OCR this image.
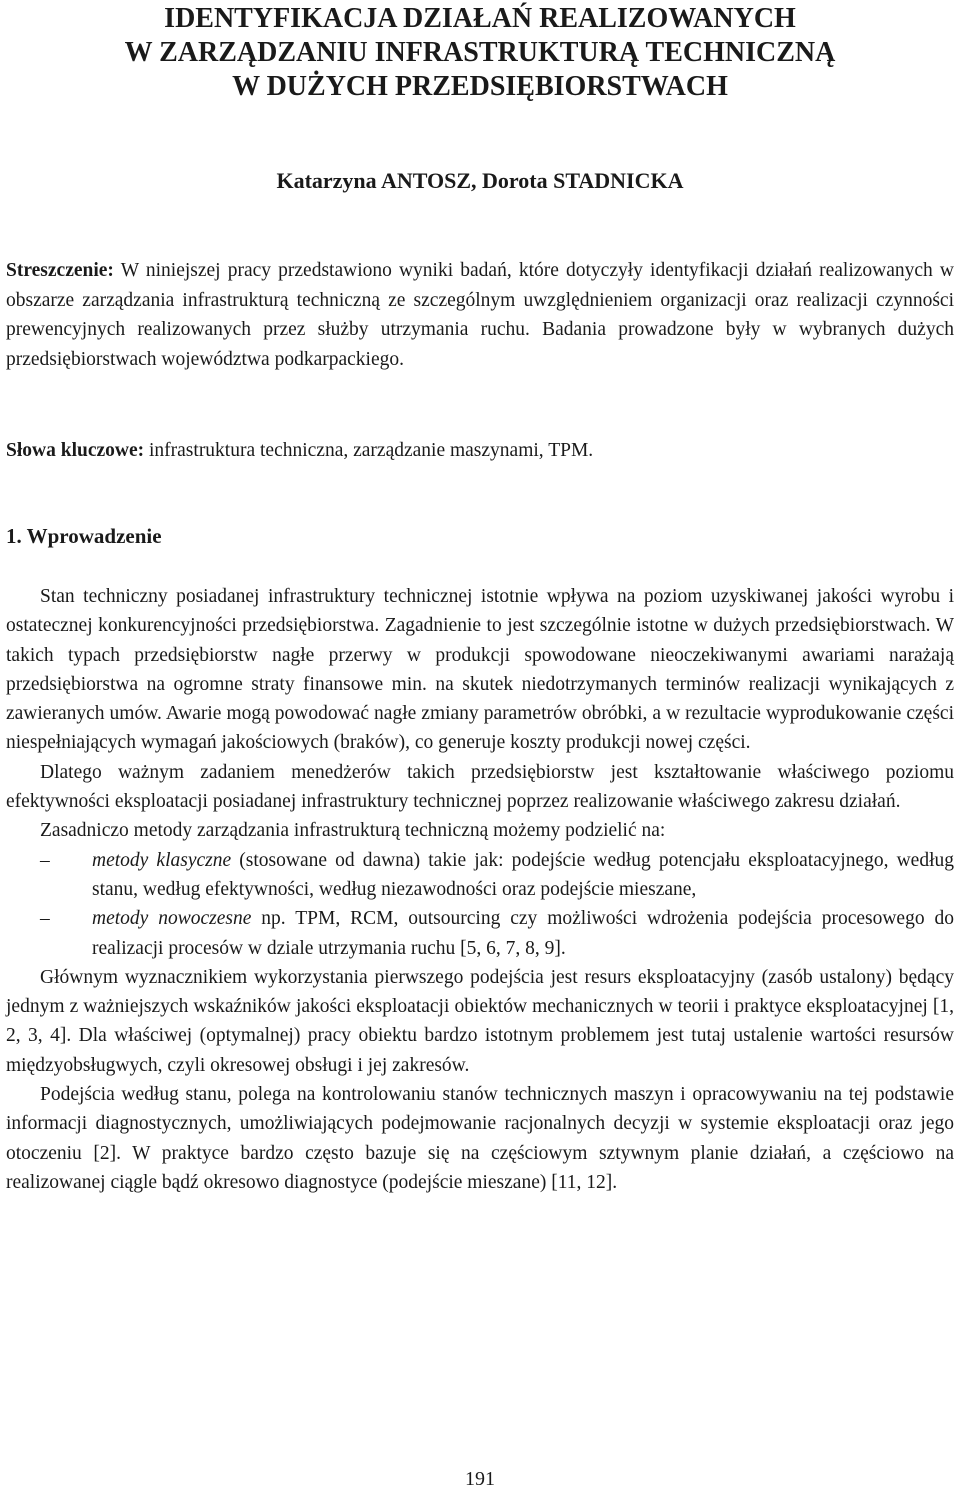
IDENTYFIKACJA DZIAŁAŃ REALIZOWANYCH
W ZARZĄDZANIU INFRASTRUKTURĄ TECHNICZNĄ
W DUŻYCH PRZEDSIĘBIORSTWACH
Katarzyna ANTOSZ, Dorota STADNICKA
Streszczenie: W niniejszej pracy przedstawiono wyniki badań, które dotyczyły identyfikacji działań realizowanych w obszarze zarządzania infrastrukturą techniczną ze szczególnym uwzględnieniem organizacji oraz realizacji czynności prewencyjnych realizowanych przez służby utrzymania ruchu. Badania prowadzone były w wybranych dużych przedsiębiorstwach województwa podkarpackiego.
Słowa kluczowe: infrastruktura techniczna, zarządzanie maszynami, TPM.
1. Wprowadzenie

Stan techniczny posiadanej infrastruktury technicznej istotnie wpływa na poziom uzyskiwanej jakości wyrobu i ostatecznej konkurencyjności przedsiębiorstwa. Zagadnienie to jest szczególnie istotne w dużych przedsiębiorstwach. W takich typach przedsiębiorstw nagłe przerwy w produkcji spowodowane nieoczekiwanymi awariami narażają przedsiębiorstwa na ogromne straty finansowe min. na skutek niedotrzymanych terminów realizacji wynikających z zawieranych umów. Awarie mogą powodować nagłe zmiany parametrów obróbki, a w rezultacie wyprodukowanie części niespełniających wymagań jakościowych (braków), co generuje koszty produkcji nowej części.

Dlatego ważnym zadaniem menedżerów takich przedsiębiorstw jest kształtowanie właściwego poziomu efektywności eksploatacji posiadanej infrastruktury technicznej poprzez realizowanie właściwego zakresu działań.

Zasadniczo metody zarządzania infrastrukturą techniczną możemy podzielić na:

– metody klasyczne (stosowane od dawna) takie jak: podejście według potencjału eksploatacyjnego, według stanu, według efektywności, według niezawodności oraz podejście mieszane,
– metody nowoczesne np. TPM, RCM, outsourcing czy możliwości wdrożenia podejścia procesowego do realizacji procesów w dziale utrzymania ruchu [5, 6, 7, 8, 9].

Głównym wyznacznikiem wykorzystania pierwszego podejścia jest resurs eksploatacyjny (zasób ustalony) będący jednym z ważniejszych wskaźników jakości eksploatacji obiektów mechanicznych w teorii i praktyce eksploatacyjnej [1, 2, 3, 4]. Dla właściwej (optymalnej) pracy obiektu bardzo istotnym problemem jest tutaj ustalenie wartości resursów międzyobsługwych, czyli okresowej obsługi i jej zakresów.

Podejścia według stanu, polega na kontrolowaniu stanów technicznych maszyn i opracowywaniu na tej podstawie informacji diagnostycznych, umożliwiających podejmowanie racjonalnych decyzji w systemie eksploatacji oraz jego otoczeniu [2]. W praktyce bardzo często bazuje się na częściowym sztywnym planie działań, a częściowo na realizowanej ciągle bądź okresowo diagnostyce (podejście mieszane) [11, 12].

191
